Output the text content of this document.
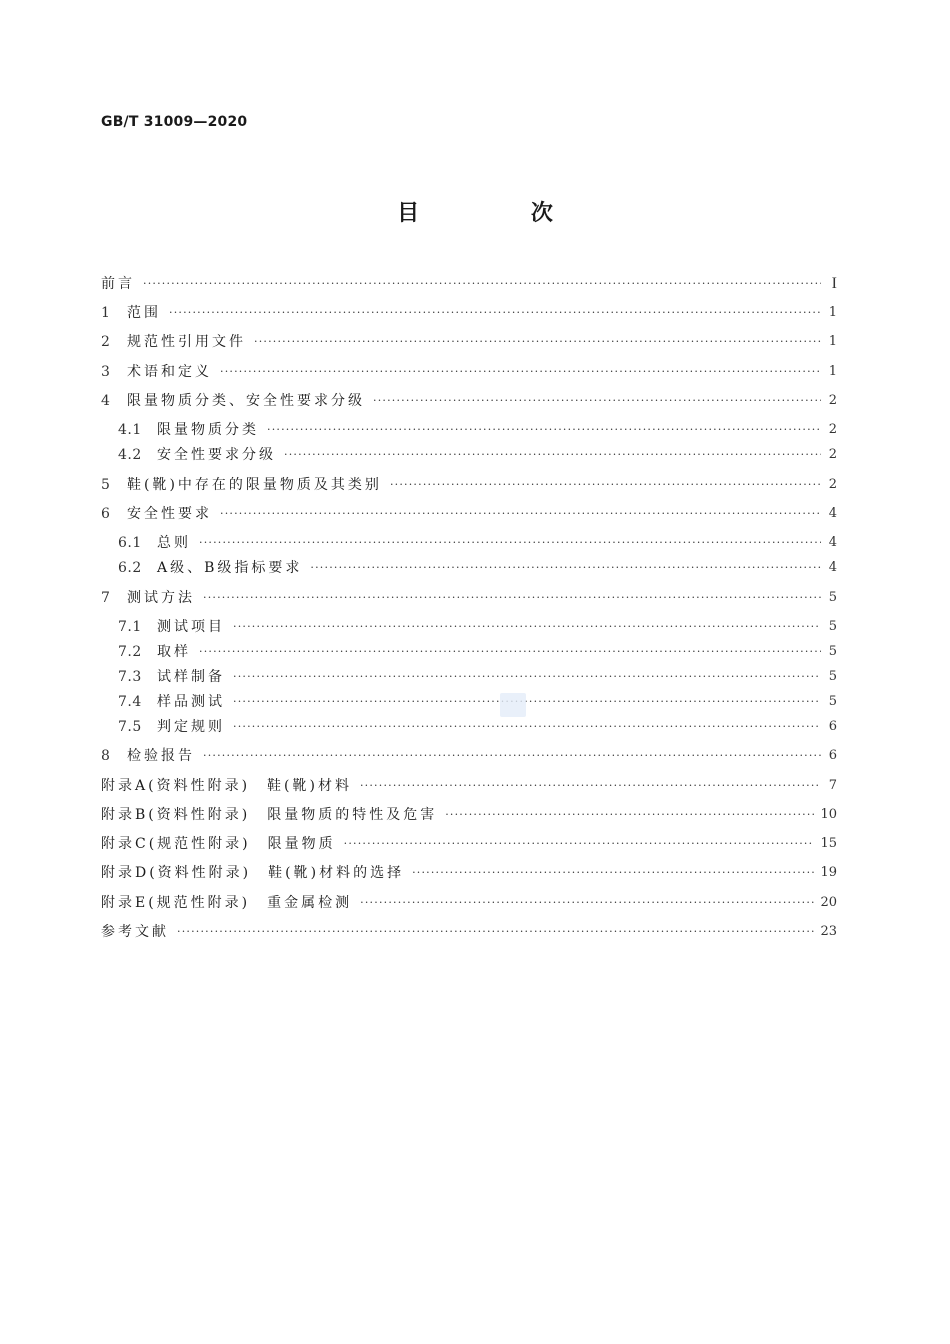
GB/T 31009—2020
目 次
前言 ·····	I
1	范围 ·····	1
2	规范性引用文件 ·····	1
3	术语和定义 ·····	1
4	限量物质分类、安全性要求分级 ·····	2
4.1	限量物质分类 ·····	2
4.2	安全性要求分级 ·····	2
5	鞋(靴)中存在的限量物质及其类别 ·····	2
6	安全性要求 ·····	4
6.1	总则 ·····	4
6.2	A级、B级指标要求 ·····	4
7	测试方法 ·····	5
7.1	测试项目 ·····	5
7.2	取样 ·····	5
7.3	试样制备 ·····	5
7.4	样品测试 ·····	5
7.5	判定规则 ·····	6
8	检验报告 ·····	6
附录A(资料性附录)　鞋(靴)材料 ·····	7
附录B(资料性附录)　限量物质的特性及危害 ·····	10
附录C(规范性附录)　限量物质 ·····	15
附录D(资料性附录)　鞋(靴)材料的选择 ·····	19
附录E(规范性附录)　重金属检测 ·····	20
参考文献 ·····	23
